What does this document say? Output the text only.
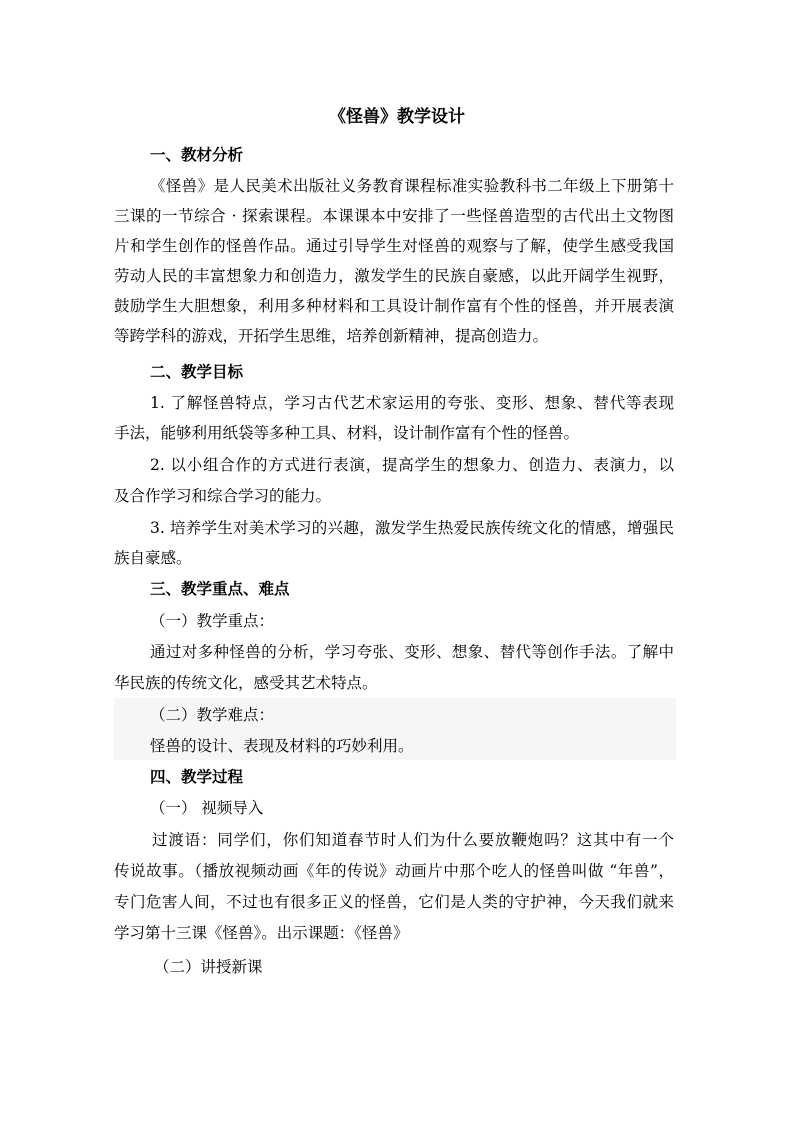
《怪兽》教学设计
一、教材分析
《怪兽》是人民美术出版社义务教育课程标准实验教科书二年级上下册第十
三课的一节综合 · 探索课程。本课课本中安排了一些怪兽造型的古代出土文物图
片和学生创作的怪兽作品。通过引导学生对怪兽的观察与了解，使学生感受我国
劳动人民的丰富想象力和创造力，激发学生的民族自豪感，以此开阔学生视野，
鼓励学生大胆想象，利用多种材料和工具设计制作富有个性的怪兽，并开展表演
等跨学科的游戏，开拓学生思维，培养创新精神，提高创造力。
二、教学目标
1. 了解怪兽特点，学习古代艺术家运用的夸张、变形、想象、替代等表现
手法，能够利用纸袋等多种工具、材料，设计制作富有个性的怪兽。
2. 以小组合作的方式进行表演，提高学生的想象力、创造力、表演力，以
及合作学习和综合学习的能力。
3. 培养学生对美术学习的兴趣，激发学生热爱民族传统文化的情感，增强民
族自豪感。
三、教学重点、难点
（一）教学重点：
通过对多种怪兽的分析，学习夸张、变形、想象、替代等创作手法。了解中
华民族的传统文化，感受其艺术特点。
（二）教学难点：
怪兽的设计、表现及材料的巧妙利用。
四、教学过程
（一） 视频导入
过渡语：同学们，你们知道春节时人们为什么要放鞭炮吗？这其中有一个
传说故事。（播放视频动画《年的传说》动画片中那个吃人的怪兽叫做 “年兽”，
专门危害人间，不过也有很多正义的怪兽，它们是人类的守护神，今天我们就来
学习第十三课《怪兽》。出示课题：《怪兽》
（二）讲授新课
